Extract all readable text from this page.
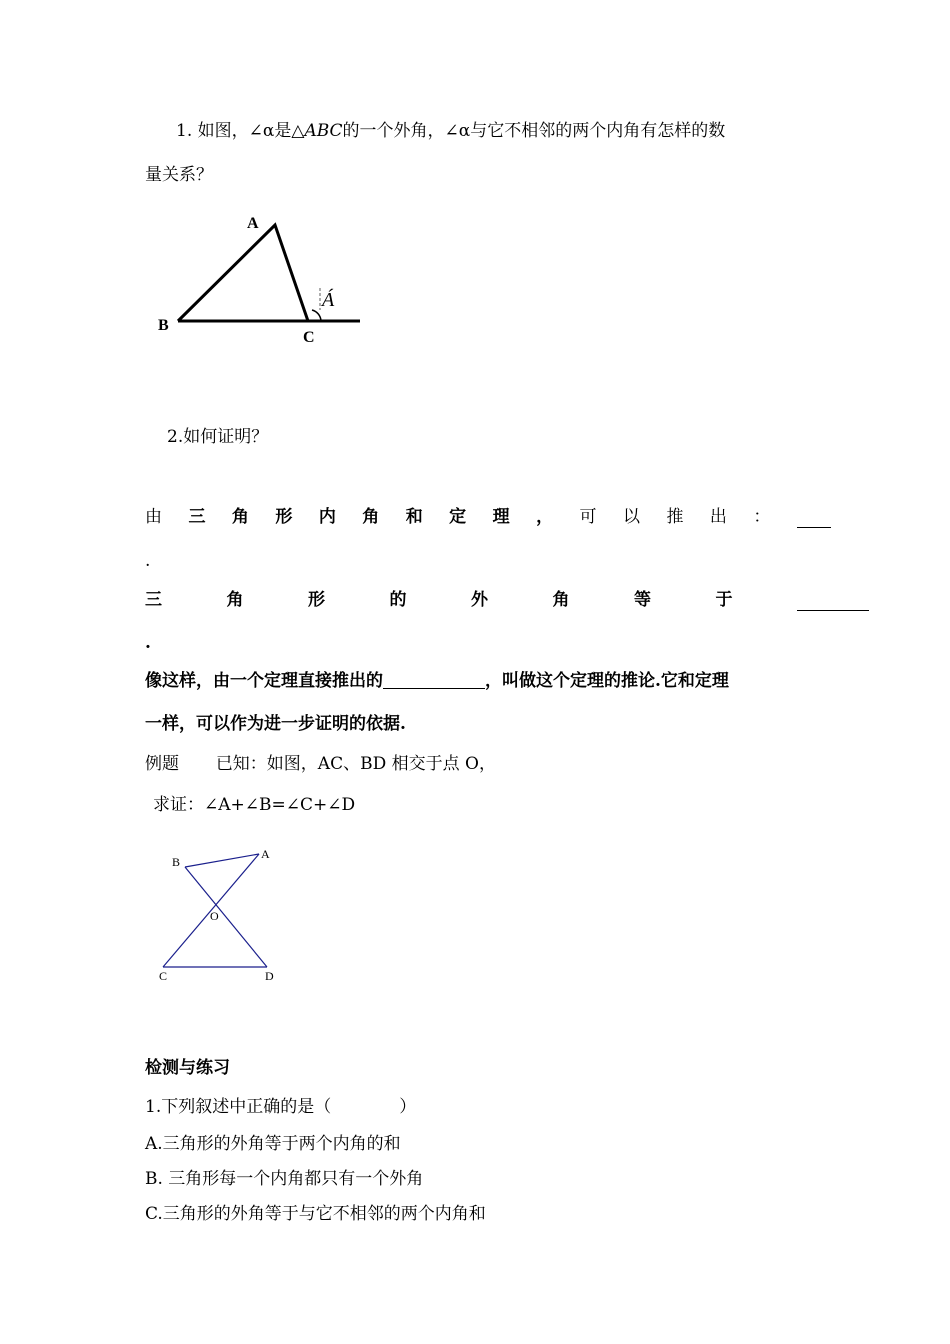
1. 如图，∠α是△ABC的一个外角，∠α与它不相邻的两个内角有怎样的数
量关系？
A
B
C
Á
2.如何证明？
由 三 角 形 内 角 和 定 理 ， 可 以 推 出 ：
.
三	角	形	的	外	角	等	于
.
像这样，由一个定理直接推出的	，叫做这个定理的推论.它和定理
一样，可以作为进一步证明的依据.
例题 已知：如图，AC、BD 相交于点 O，
求证：∠A+∠B=∠C+∠D
B
A
O
C	D
检测与练习
1.下列叙述中正确的是（　　　　）
A.三角形的外角等于两个内角的和
B. 三角形每一个内角都只有一个外角
C.三角形的外角等于与它不相邻的两个内角和
